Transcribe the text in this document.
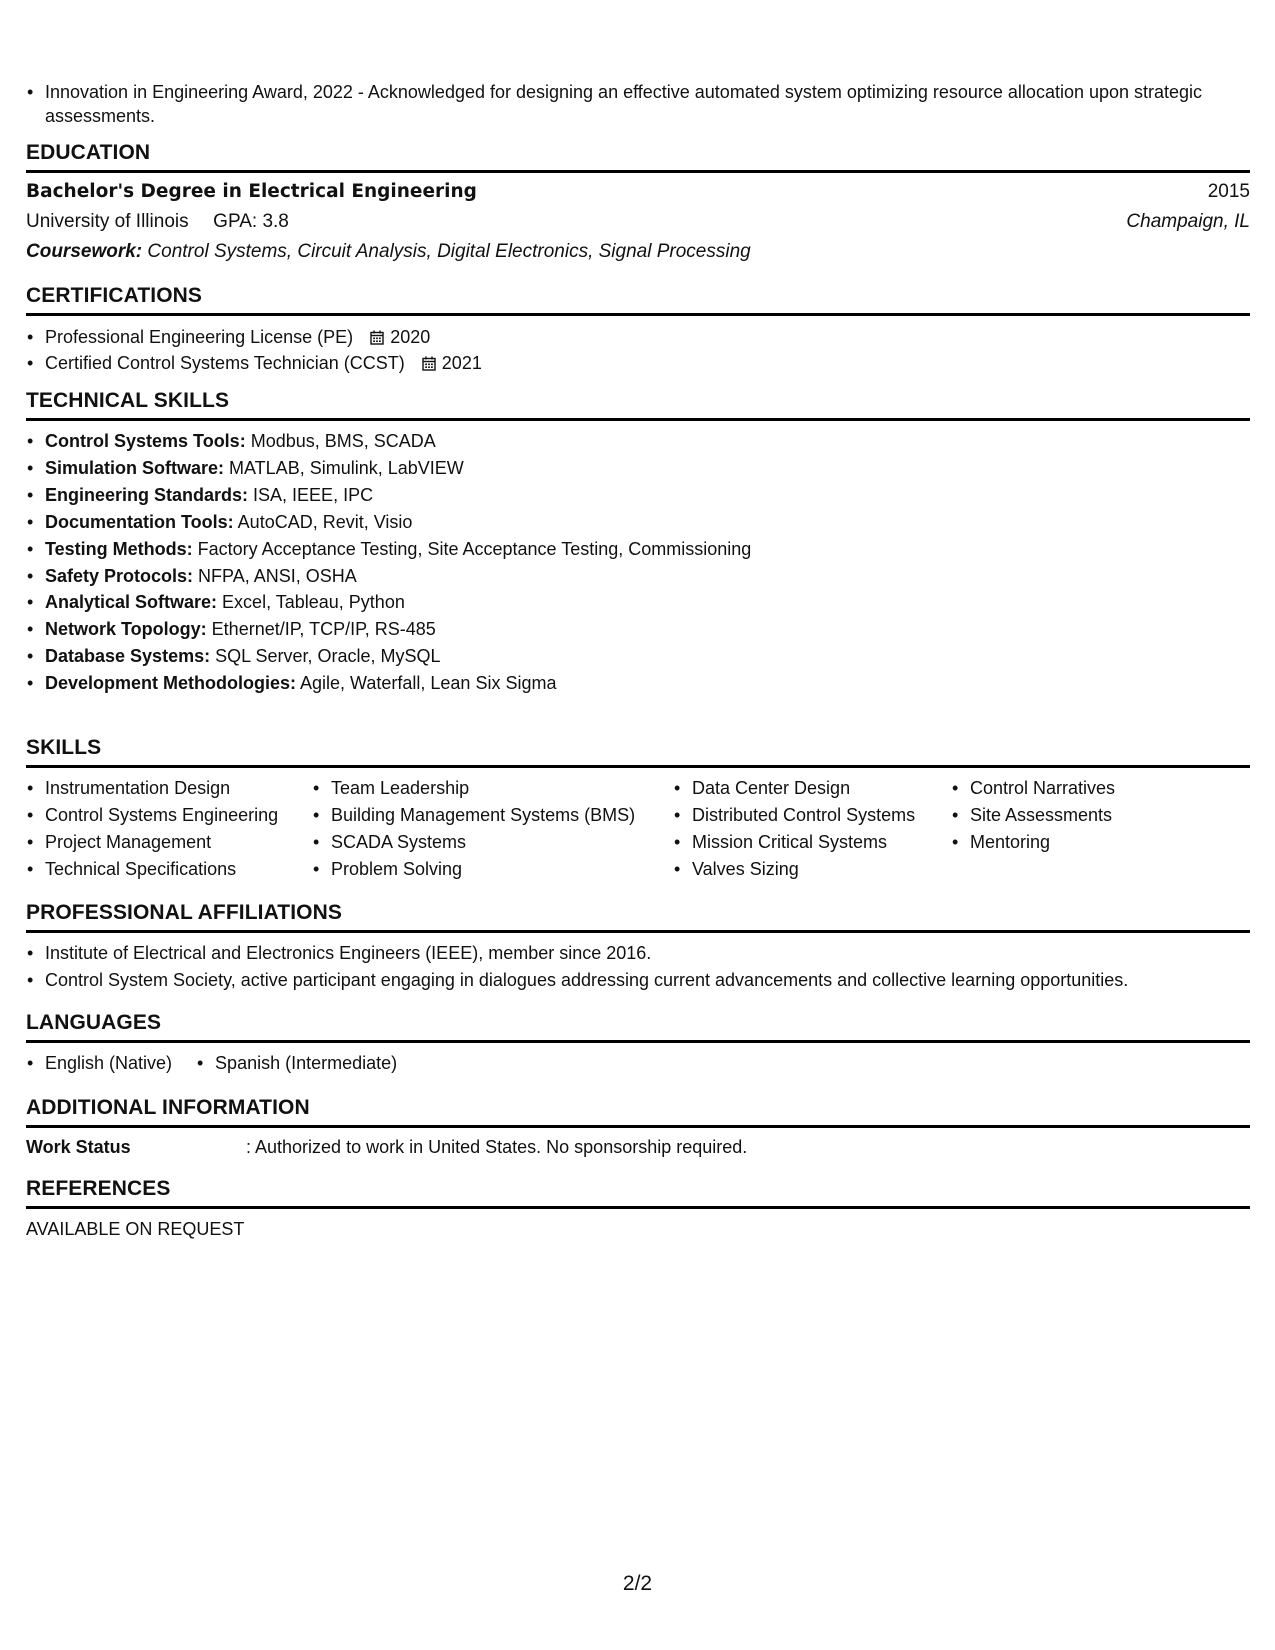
• Innovation in Engineering Award, 2022 - Acknowledged for designing an effective automated system optimizing resource allocation upon strategic assessments.
EDUCATION
Bachelor's Degree in Electrical Engineering	2015
University of Illinois GPA: 3.8	Champaign, IL
Coursework: Control Systems, Circuit Analysis, Digital Electronics, Signal Processing
CERTIFICATIONS
• Professional Engineering License (PE) 2020
• Certified Control Systems Technician (CCST) 2021
TECHNICAL SKILLS
• Control Systems Tools: Modbus, BMS, SCADA
• Simulation Software: MATLAB, Simulink, LabVIEW
• Engineering Standards: ISA, IEEE, IPC
• Documentation Tools: AutoCAD, Revit, Visio
• Testing Methods: Factory Acceptance Testing, Site Acceptance Testing, Commissioning
• Safety Protocols: NFPA, ANSI, OSHA
• Analytical Software: Excel, Tableau, Python
• Network Topology: Ethernet/IP, TCP/IP, RS-485
• Database Systems: SQL Server, Oracle, MySQL
• Development Methodologies: Agile, Waterfall, Lean Six Sigma
SKILLS
• Instrumentation Design
• Control Systems Engineering
• Project Management
• Technical Specifications
• Team Leadership
• Building Management Systems (BMS)
• SCADA Systems
• Problem Solving
• Data Center Design
• Distributed Control Systems
• Mission Critical Systems
• Valves Sizing
• Control Narratives
• Site Assessments
• Mentoring
PROFESSIONAL AFFILIATIONS
• Institute of Electrical and Electronics Engineers (IEEE), member since 2016.
• Control System Society, active participant engaging in dialogues addressing current advancements and collective learning opportunities.
LANGUAGES
• English (Native)
•	Spanish (Intermediate)
ADDITIONAL INFORMATION
Work Status	: Authorized to work in United States. No sponsorship required.
REFERENCES
AVAILABLE ON REQUEST
2/2
